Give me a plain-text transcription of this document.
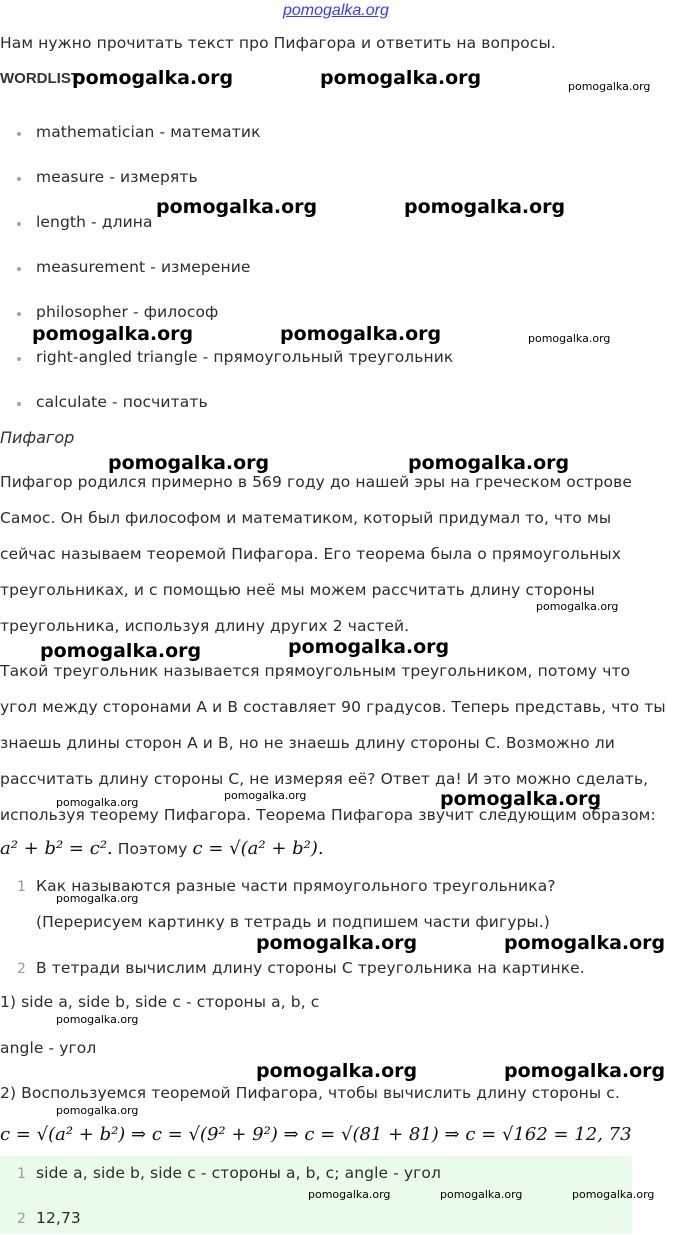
pomogalka.org
Нам нужно прочитать текст про Пифагора и ответить на вопросы.
WORDLIST
mathematician - математик
measure - измерять
length - длина
measurement - измерение
philosopher - философ
right-angled triangle - прямоугольный треугольник
calculate - посчитать
Пифагор
Пифагор родился примерно в 569 году до нашей эры на греческом острове
Самос. Он был философом и математиком, который придумал то, что мы
сейчас называем теоремой Пифагора. Его теорема была о прямоугольных
треугольниках, и с помощью неё мы можем рассчитать длину стороны
треугольника, используя длину других 2 частей.
Такой треугольник называется прямоугольным треугольником, потому что
угол между сторонами A и B составляет 90 градусов. Теперь представь, что ты
знаешь длины сторон A и B, но не знаешь длину стороны C. Возможно ли
рассчитать длину стороны C, не измеряя её? Ответ да! И это можно сделать,
используя теорему Пифагора. Теорема Пифагора звучит следующим образом:
a² + b² = c². Поэтому c = √(a² + b²).
1 Как называются разные части прямоугольного треугольника?
(Перерисуем картинку в тетрадь и подпишем части фигуры.)
2 В тетради вычислим длину стороны C треугольника на картинке.
1) side a, side b, side c - стороны a, b, c
angle - угол
2) Воспользуемся теоремой Пифагора, чтобы вычислить длину стороны c.
c = √(a² + b²) ⇒ c = √(9² + 9²) ⇒ c = √(81 + 81) ⇒ c = √162 = 12, 73
1 side a, side b, side c - стороны a, b, c; angle - угол
2 12,73
pomogalka.org	pomogalka.org	pomogalka.org
pomogalka.org	pomogalka.org
pomogalka.org	pomogalka.org	pomogalka.org
pomogalka.org	pomogalka.org
pomogalka.org
pomogalka.org	pomogalka.org
pomogalka.org
pomogalka.org	pomogalka.org
pomogalka.org
pomogalka.org	pomogalka.org
pomogalka.org
pomogalka.org	pomogalka.org
pomogalka.org
pomogalka.org	pomogalka.org	pomogalka.org
